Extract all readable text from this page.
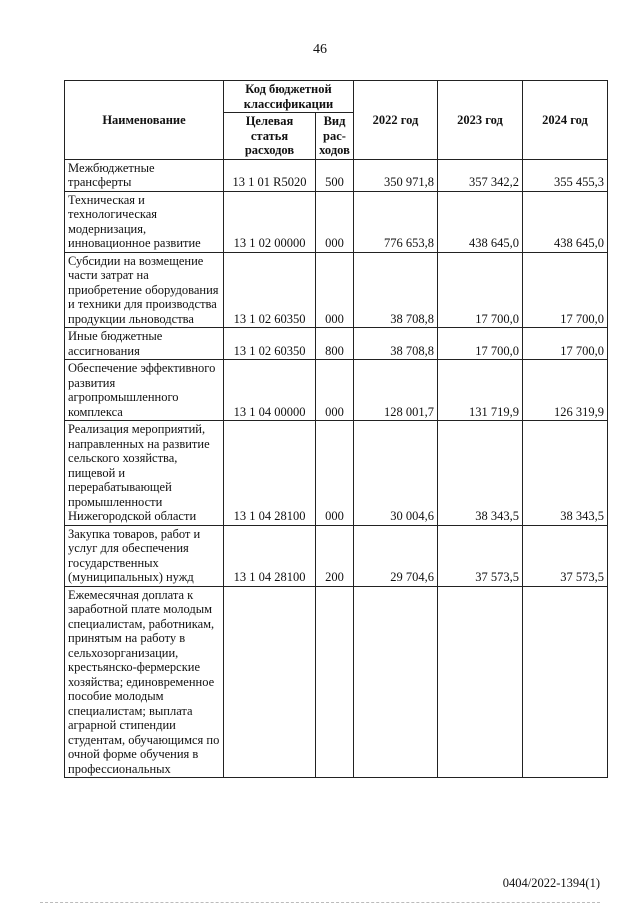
46
Наименование	Код бюджетной классификации		2022 год	2023 год	2024 год
	Целевая статья расходов	Вид рас- ходов			
Межбюджетные трансферты	13 1 01 R5020	500	350 971,8	357 342,2	355 455,3
Техническая и технологическая модернизация, инновационное развитие	13 1 02 00000	000	776 653,8	438 645,0	438 645,0
Субсидии на возмещение части затрат на приобретение оборудования и техники для производства продукции льноводства	13 1 02 60350	000	38 708,8	17 700,0	17 700,0
Иные бюджетные ассигнования	13 1 02 60350	800	38 708,8	17 700,0	17 700,0
Обеспечение эффективного развития агропромышленного комплекса	13 1 04 00000	000	128 001,7	131 719,9	126 319,9
Реализация мероприятий, направленных на развитие сельского хозяйства, пищевой и перерабатывающей промышленности Нижегородской области	13 1 04 28100	000	30 004,6	38 343,5	38 343,5
Закупка товаров, работ и услуг для обеспечения государственных (муниципальных) нужд	13 1 04 28100	200	29 704,6	37 573,5	37 573,5
Ежемесячная доплата к заработной плате молодым специалистам, работникам, принятым на работу в сельхозорганизации, крестьянско-фермерские хозяйства; единовременное пособие молодым специалистам; выплата аграрной стипендии студентам, обучающимся по очной форме обучения в профессиональных					
0404/2022-1394(1)
